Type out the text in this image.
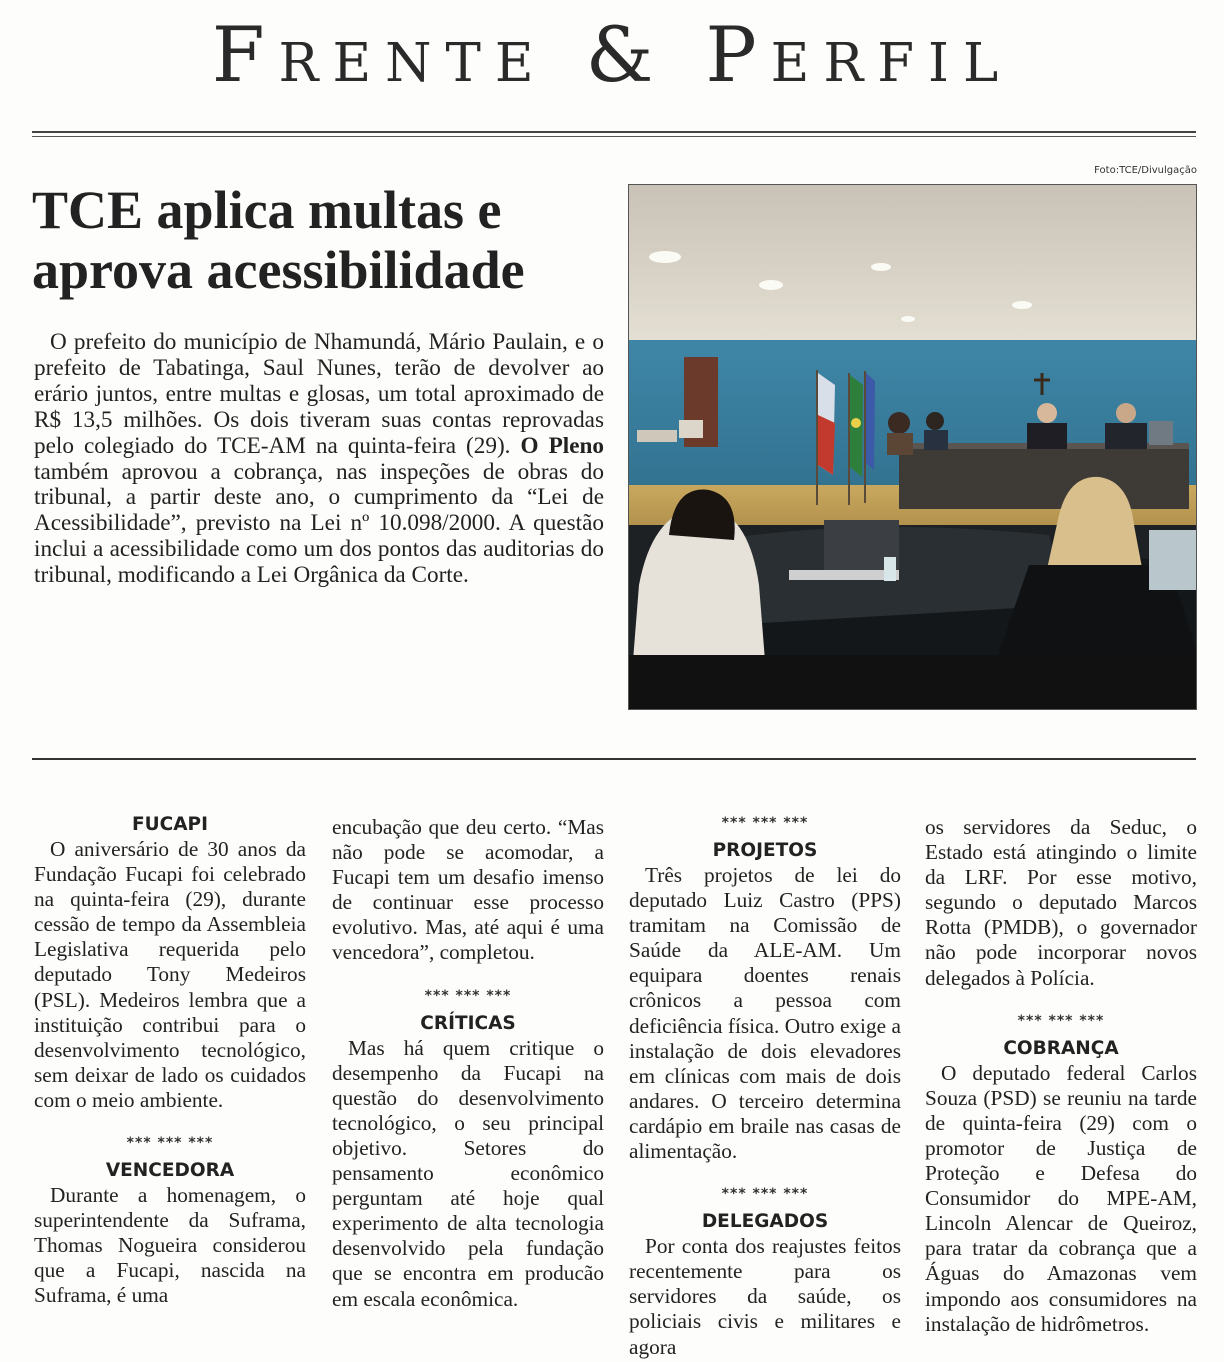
Frente & Perfil
Foto:TCE/Divulgação
TCE aplica multas e aprova acessibilidade
O prefeito do município de Nhamundá, Mário Paulain, e o prefeito de Tabatinga, Saul Nunes, terão de devolver ao erário juntos, entre multas e glosas, um total aproximado de R$ 13,5 milhões. Os dois tiveram suas contas reprovadas pelo colegiado do TCE-AM na quinta-feira (29). O Pleno também aprovou a cobrança, nas inspeções de obras do tribunal, a partir deste ano, o cumprimento da “Lei de Acessibilidade”, previsto na Lei nº 10.098/2000. A questão inclui a acessibilidade como um dos pontos das auditorias do tribunal, modificando a Lei Orgânica da Corte.
FUCAPI

O aniversário de 30 anos da Fundação Fucapi foi celebrado na quinta-feira (29), durante cessão de tempo da Assembleia Legislativa requerida pelo deputado Tony Medeiros (PSL). Medeiros lembra que a instituição contribui para o desenvolvimento tecnológico, sem deixar de lado os cuidados com o meio ambiente.

*** *** ***
VENCEDORA

Durante a homenagem, o superintendente da Suframa, Thomas Nogueira considerou que a Fucapi, nascida na Suframa, é uma

encubação que deu certo. “Mas não pode se acomodar, a Fucapi tem um desafio imenso de continuar esse processo evolutivo. Mas, até aqui é uma vencedora”, completou.

*** *** ***
CRÍTICAS

Mas há quem critique o desempenho da Fucapi na questão do desenvolvimento tecnológico, o seu principal objetivo. Setores do pensamento econômico perguntam até hoje qual experimento de alta tecnologia desenvolvido pela fundação que se encontra em producão em escala econômica.

*** *** ***
PROJETOS

Três projetos de lei do deputado Luiz Castro (PPS) tramitam na Comissão de Saúde da ALE-AM. Um equipara doentes renais crônicos a pessoa com deficiência física. Outro exige a instalação de dois elevadores em clínicas com mais de dois andares. O terceiro determina cardápio em braile nas casas de alimentação.

*** *** ***
DELEGADOS

Por conta dos reajustes feitos recentemente para os servidores da saúde, os policiais civis e militares e agora

os servidores da Seduc, o Estado está atingindo o limite da LRF. Por esse motivo, segundo o deputado Marcos Rotta (PMDB), o governador não pode incorporar novos delegados à Polícia.

*** *** ***
COBRANÇA

O deputado federal Carlos Souza (PSD) se reuniu na tarde de quinta-feira (29) com o promotor de Justiça de Proteção e Defesa do Consumidor do MPE-AM, Lincoln Alencar de Queiroz, para tratar da cobrança que a Águas do Amazonas vem impondo aos consumidores na instalação de hidrômetros.
